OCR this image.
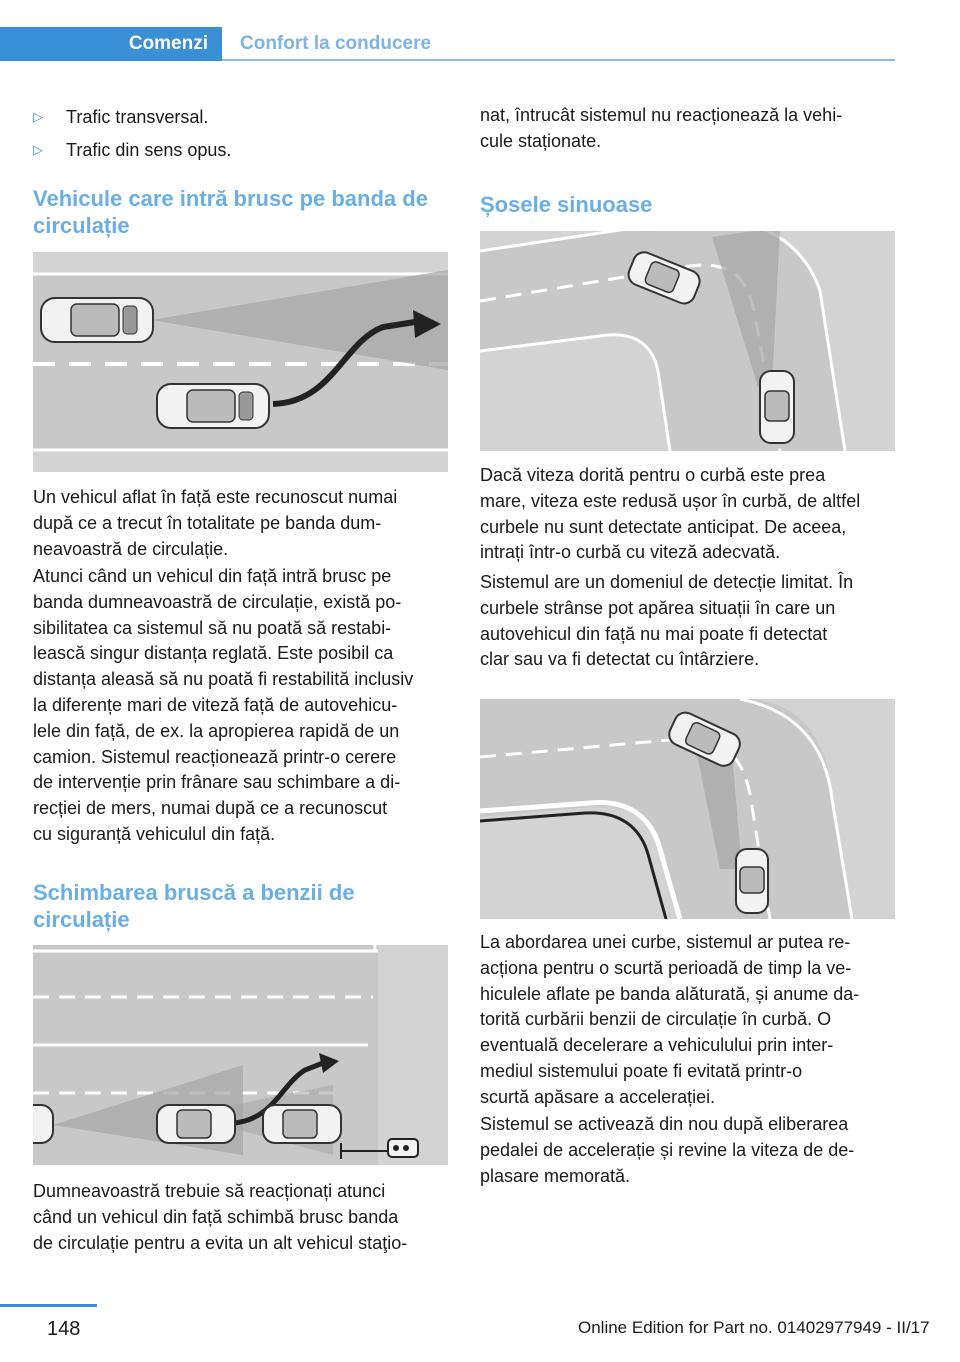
Comenzi	Confort la conducere
▷ Trafic transversal.
▷ Trafic din sens opus.
Vehicule care intră brusc pe banda de
circulație
Un vehicul aflat în față este recunoscut numai
după ce a trecut în totalitate pe banda dum‐
neavoastră de circulație.
Atunci când un vehicul din față intră brusc pe
banda dumneavoastră de circulație, există po‐
sibilitatea ca sistemul să nu poată să restabi‐
lească singur distanța reglată. Este posibil ca
distanța aleasă să nu poată fi restabilită inclusiv
la diferențe mari de viteză față de autovehicu‐
lele din față, de ex. la apropierea rapidă de un
camion. Sistemul reacționează printr-o cerere
de intervenție prin frânare sau schimbare a di‐
recției de mers, numai după ce a recunoscut
cu siguranță vehiculul din față.
Schimbarea bruscă a benzii de
circulație
Dumneavoastră trebuie să reacționați atunci
când un vehicul din față schimbă brusc banda
de circulație pentru a evita un alt vehicul staţio‐
nat, întrucât sistemul nu reacționează la vehi‐
cule staționate.
Șosele sinuoase
Dacă viteza dorită pentru o curbă este prea
mare, viteza este redusă ușor în curbă, de altfel
curbele nu sunt detectate anticipat. De aceea,
intrați într-o curbă cu viteză adecvată.
Sistemul are un domeniul de detecție limitat. În
curbele strânse pot apărea situații în care un
autovehicul din față nu mai poate fi detectat
clar sau va fi detectat cu întârziere.
La abordarea unei curbe, sistemul ar putea re‐
acționa pentru o scurtă perioadă de timp la ve‐
hiculele aflate pe banda alăturată, și anume da‐
torită curbării benzii de circulație în curbă. O
eventuală decelerare a vehiculului prin inter‐
mediul sistemului poate fi evitată printr-o
scurtă apăsare a accelerației.
Sistemul se activează din nou după eliberarea
pedalei de accelerație și revine la viteza de de‐
plasare memorată.
148	Online Edition for Part no. 01402977949 - II/17
